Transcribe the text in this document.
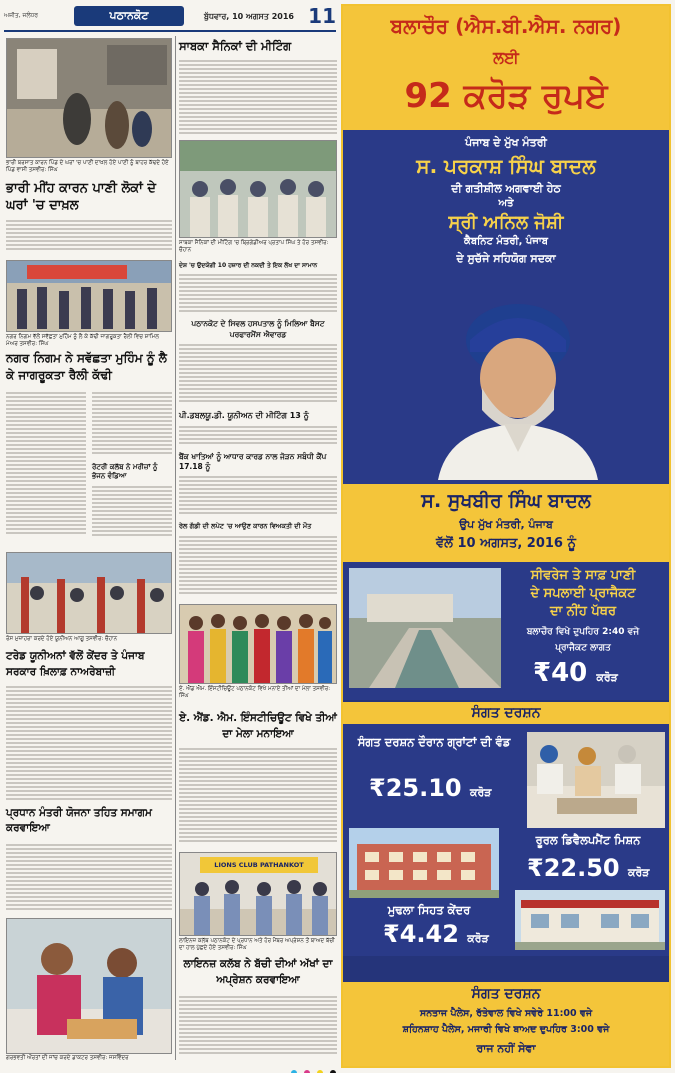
ਅਜੀਤ, ਜਲੰਧਰ	ਪਠਾਨਕੋਟ	ਬੁੱਧਵਾਰ, 10 ਅਗਸਤ 2016 11
ਭਾਰੀ ਬਰਸਾਤ ਕਾਰਨ ਪਿੰਡ ਦੇ ਘਰਾਂ 'ਚ ਪਾਣੀ ਦਾਖ਼ਲ ਹੋਏ ਪਾਣੀ ਨੂੰ ਬਾਹਰ ਕੱਢਦੇ ਹੋਏ ਪਿੰਡ ਵਾਸੀ ਤਸਵੀਰ: ਸਿੰਘ
ਭਾਰੀ ਮੀਂਹ ਕਾਰਨ ਪਾਣੀ ਲੋਕਾਂ ਦੇ ਘਰਾਂ 'ਚ ਦਾਖ਼ਲ
ਨਗਰ ਨਿਗਮ ਵੱਲੋਂ ਸਵੱਛਤਾ ਮੁਹਿੰਮ ਨੂੰ ਲੈ ਕੇ ਕੱਢੀ ਜਾਗਰੂਕਤਾ ਰੈਲੀ ਵਿਚ ਸ਼ਾਮਿਲ ਮੇਅਰ ਤਸਵੀਰ: ਸਿੰਘ
ਨਗਰ ਨਿਗਮ ਨੇ ਸਵੱਛਤਾ ਮੁਹਿੰਮ ਨੂੰ ਲੈ ਕੇ ਜਾਗਰੂਕਤਾ ਰੈਲੀ ਕੱਢੀ
ਰੋਟਰੀ ਕਲੱਬ ਨੇ ਮਰੀਜ਼ਾਂ ਨੂੰ ਭੋਜਨ ਵੰਡਿਆ
ਰੋਸ ਮੁਜ਼ਾਹਰਾ ਕਰਦੇ ਹੋਏ ਯੂਨੀਅਨ ਆਗੂ ਤਸਵੀਰ: ਚੌਹਾਨ
ਟਰੇਡ ਯੂਨੀਅਨਾਂ ਵੱਲੋਂ ਕੇਂਦਰ ਤੇ ਪੰਜਾਬ ਸਰਕਾਰ ਖ਼ਿਲਾਫ਼ ਨਾਅਰੇਬਾਜ਼ੀ
ਪ੍ਰਧਾਨ ਮੰਤਰੀ ਯੋਜਨਾ ਤਹਿਤ ਸਮਾਗਮ ਕਰਵਾਇਆ
ਗਰਭਵਤੀ ਔਰਤਾਂ ਦੀ ਜਾਂਚ ਕਰਦੇ ਡਾਕਟਰ ਤਸਵੀਰ: ਜਸਵਿੰਦਰ
ਸਾਬਕਾ ਸੈਨਿਕਾਂ ਦੀ ਮੀਟਿੰਗ
ਸਾਬਕਾ ਸੈਨਿਕਾਂ ਦੀ ਮੀਟਿੰਗ 'ਚ ਬ੍ਰਿਗੇਡੀਅਰ ਪ੍ਰਤਾਪ ਸਿੰਘ ਤੇ ਹੋਰ ਤਸਵੀਰ: ਚੌਹਾਨ
ਦੇਸ਼ 'ਚ ਉਦਯੋਗੀ 10 ਹਜ਼ਾਰ ਦੀ ਨਕਦੀ ਤੇ ਇਕ ਲੱਖ ਦਾ ਸਾਮਾਨ
ਪਠਾਨਕੋਟ ਦੇ ਸਿਵਲ ਹਸਪਤਾਲ ਨੂੰ ਮਿਲਿਆ ਬੈਸਟ ਪਰਫਾਰਮੈਂਸ ਐਵਾਰਡ
ਪੀ.ਡਬਲਯੂ.ਡੀ. ਯੂਨੀਅਨ ਦੀ ਮੀਟਿੰਗ 13 ਨੂੰ
ਬੈਂਕ ਖਾਤਿਆਂ ਨੂੰ ਆਧਾਰ ਕਾਰਡ ਨਾਲ ਜੋੜਨ ਸਬੰਧੀ ਕੈਂਪ 17.18 ਨੂੰ
ਰੇਲ ਗੱਡੀ ਦੀ ਲਪੇਟ 'ਚ ਆਉਣ ਕਾਰਨ ਵਿਅਕਤੀ ਦੀ ਮੌਤ
ਏ. ਐਂਡ ਐਮ. ਇੰਸਟੀਚਿਊਟ ਪਠਾਨਕੋਟ ਵਿਖੇ ਮਨਾਏ ਤੀਆਂ ਦਾ ਮੇਲਾ ਤਸਵੀਰ: ਸਿੰਘ
ਏ. ਐਂਡ. ਐਮ. ਇੰਸਟੀਚਿਊਟ ਵਿਖੇ ਤੀਆਂ ਦਾ ਮੇਲਾ ਮਨਾਇਆ
LIONS CLUB PATHANKOT
ਲਾਇਨਜ਼ ਕਲੱਬ ਪਠਾਨਕੋਟ ਦੇ ਪ੍ਰਧਾਨ ਅਤੇ ਹੋਰ ਮੈਂਬਰ ਅਪ੍ਰੇਸ਼ਨ ਤੋਂ ਬਾਅਦ ਬੱਚੀ ਦਾ ਹਾਲ ਪੁੱਛਦੇ ਹੋਏ ਤਸਵੀਰ: ਸਿੰਘ
ਲਾਇਨਜ਼ ਕਲੱਬ ਨੇ ਬੱਚੀ ਦੀਆਂ ਅੱਖਾਂ ਦਾ ਅਪ੍ਰੇਸ਼ਨ ਕਰਵਾਇਆ
ਬਲਾਚੌਰ (ਐਸ.ਬੀ.ਐਸ. ਨਗਰ)
ਲਈ
92 ਕਰੋੜ ਰੁਪਏ
ਪੰਜਾਬ ਦੇ ਮੁੱਖ ਮੰਤਰੀ
ਸ. ਪਰਕਾਸ਼ ਸਿੰਘ ਬਾਦਲ
ਦੀ ਗਤੀਸ਼ੀਲ ਅਗਵਾਈ ਹੇਠ
ਅਤੇ
ਸ੍ਰੀ ਅਨਿਲ ਜੋਸ਼ੀ
ਕੈਬਨਿਟ ਮੰਤਰੀ, ਪੰਜਾਬ
ਦੇ ਸੁਚੱਜੇ ਸਹਿਯੋਗ ਸਦਕਾ
ਸ. ਸੁਖਬੀਰ ਸਿੰਘ ਬਾਦਲ
ਉਪ ਮੁੱਖ ਮੰਤਰੀ, ਪੰਜਾਬ
ਵੱਲੋਂ 10 ਅਗਸਤ, 2016 ਨੂੰ
ਸੀਵਰੇਜ ਤੇ ਸਾਫ਼ ਪਾਣੀ
ਦੇ ਸਪਲਾਈ ਪ੍ਰਾਜੈਕਟ
ਦਾ ਨੀਂਹ ਪੱਥਰ
ਬਲਾਚੌਰ ਵਿਖੇ ਦੁਪਹਿਰ 2:40 ਵਜੇ
ਪ੍ਰਾਜੈਕਟ ਲਾਗਤ
₹40 ਕਰੋੜ
ਸੰਗਤ ਦਰਸ਼ਨ
ਸੰਗਤ ਦਰਸ਼ਨ ਦੌਰਾਨ ਗ੍ਰਾਂਟਾਂ ਦੀ ਵੰਡ
₹25.10 ਕਰੋੜ
ਰੂਰਲ ਡਿਵੈਲਪਮੈਂਟ ਮਿਸ਼ਨ
₹22.50 ਕਰੋੜ
ਮੁਢਲਾ ਸਿਹਤ ਕੇਂਦਰ
₹4.42 ਕਰੋੜ
ਸੰਗਤ ਦਰਸ਼ਨ
ਸਨਤਾਜ ਪੈਲੇਸ, ਰੱਤੇਵਾਲ ਵਿਖੇ ਸਵੇਰੇ 11:00 ਵਜੇ
ਸ਼ਹਿਨਸ਼ਾਹ ਪੈਲੇਸ, ਮਜਾਰੀ ਵਿਖੇ ਬਾਅਦ ਦੁਪਹਿਰ 3:00 ਵਜੇ
ਰਾਜ ਨਹੀਂ ਸੇਵਾ
